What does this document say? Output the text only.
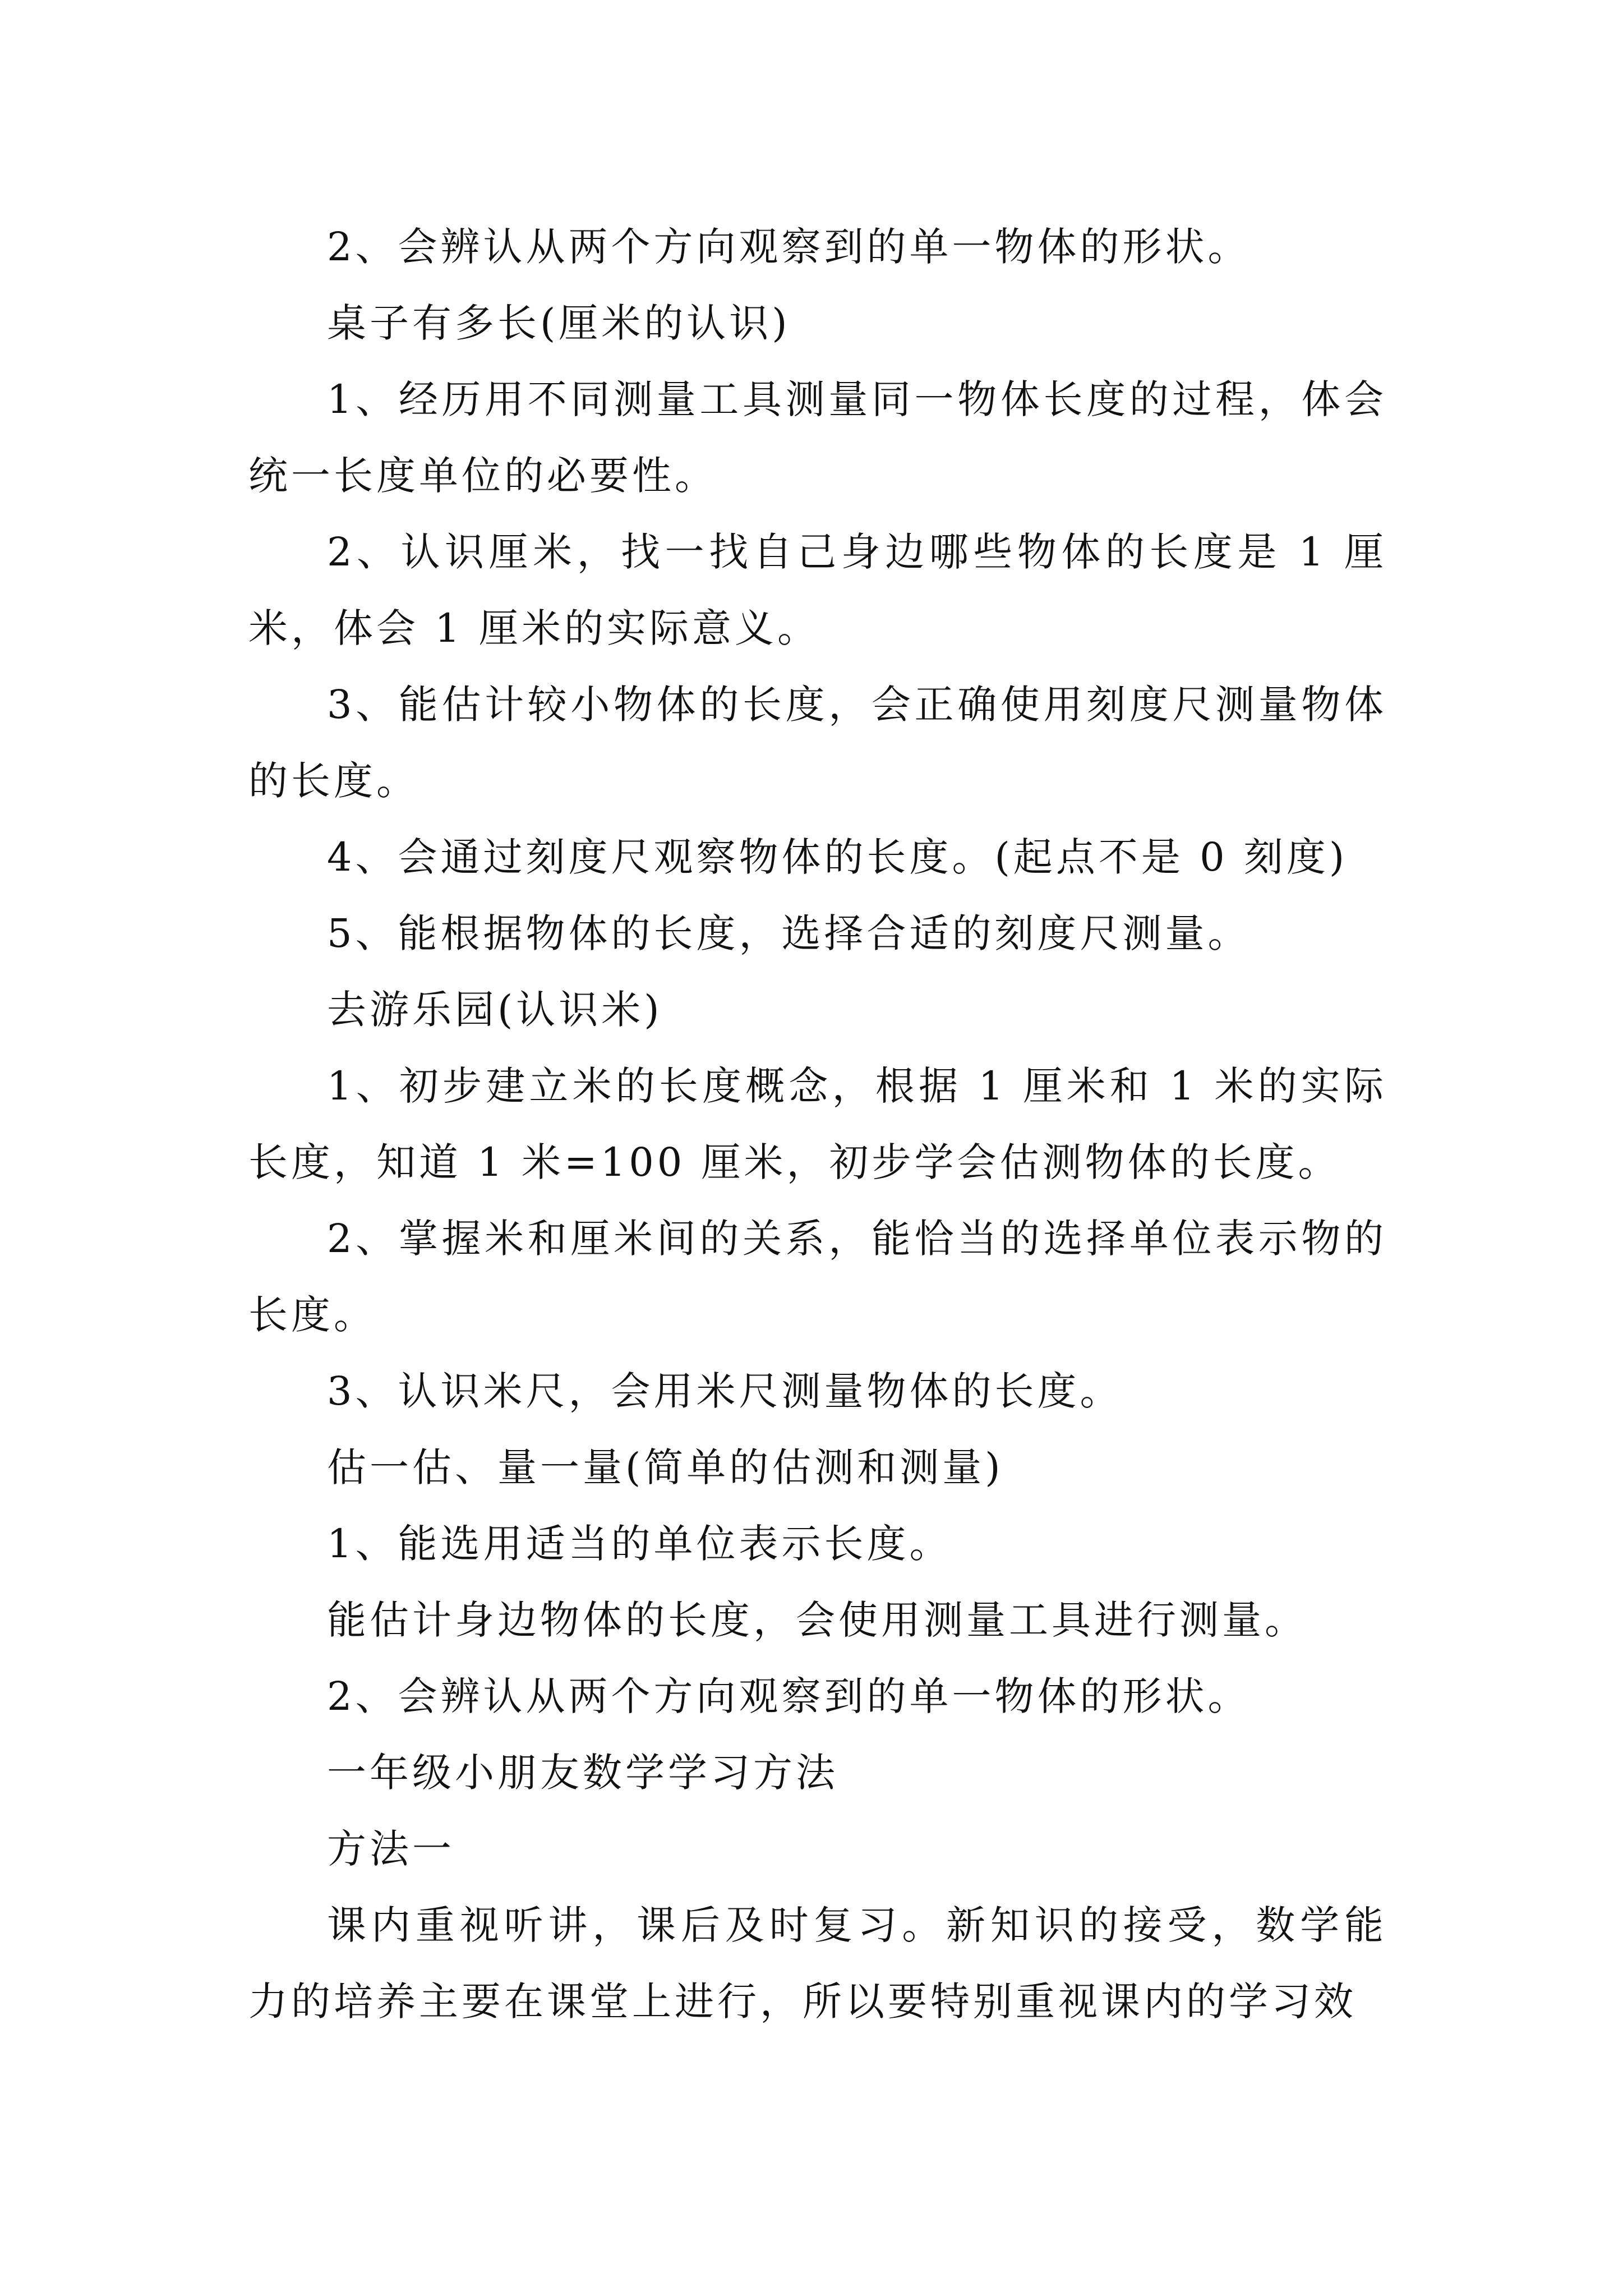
2、会辨认从两个方向观察到的单一物体的形状。

桌子有多长(厘米的认识)

1、经历用不同测量工具测量同一物体长度的过程，体会统一长度单位的必要性。

2、认识厘米，找一找自己身边哪些物体的长度是 1 厘米，体会 1 厘米的实际意义。

3、能估计较小物体的长度，会正确使用刻度尺测量物体的长度。

4、会通过刻度尺观察物体的长度。(起点不是 0 刻度)

5、能根据物体的长度，选择合适的刻度尺测量。

去游乐园(认识米)

1、初步建立米的长度概念，根据 1 厘米和 1 米的实际长度，知道 1 米=100 厘米，初步学会估测物体的长度。

2、掌握米和厘米间的关系，能恰当的选择单位表示物的长度。

3、认识米尺，会用米尺测量物体的长度。

估一估、量一量(简单的估测和测量)

1、能选用适当的单位表示长度。

能估计身边物体的长度，会使用测量工具进行测量。

2、会辨认从两个方向观察到的单一物体的形状。

一年级小朋友数学学习方法

方法一

课内重视听讲，课后及时复习。新知识的接受，数学能力的培养主要在课堂上进行，所以要特别重视课内的学习效
